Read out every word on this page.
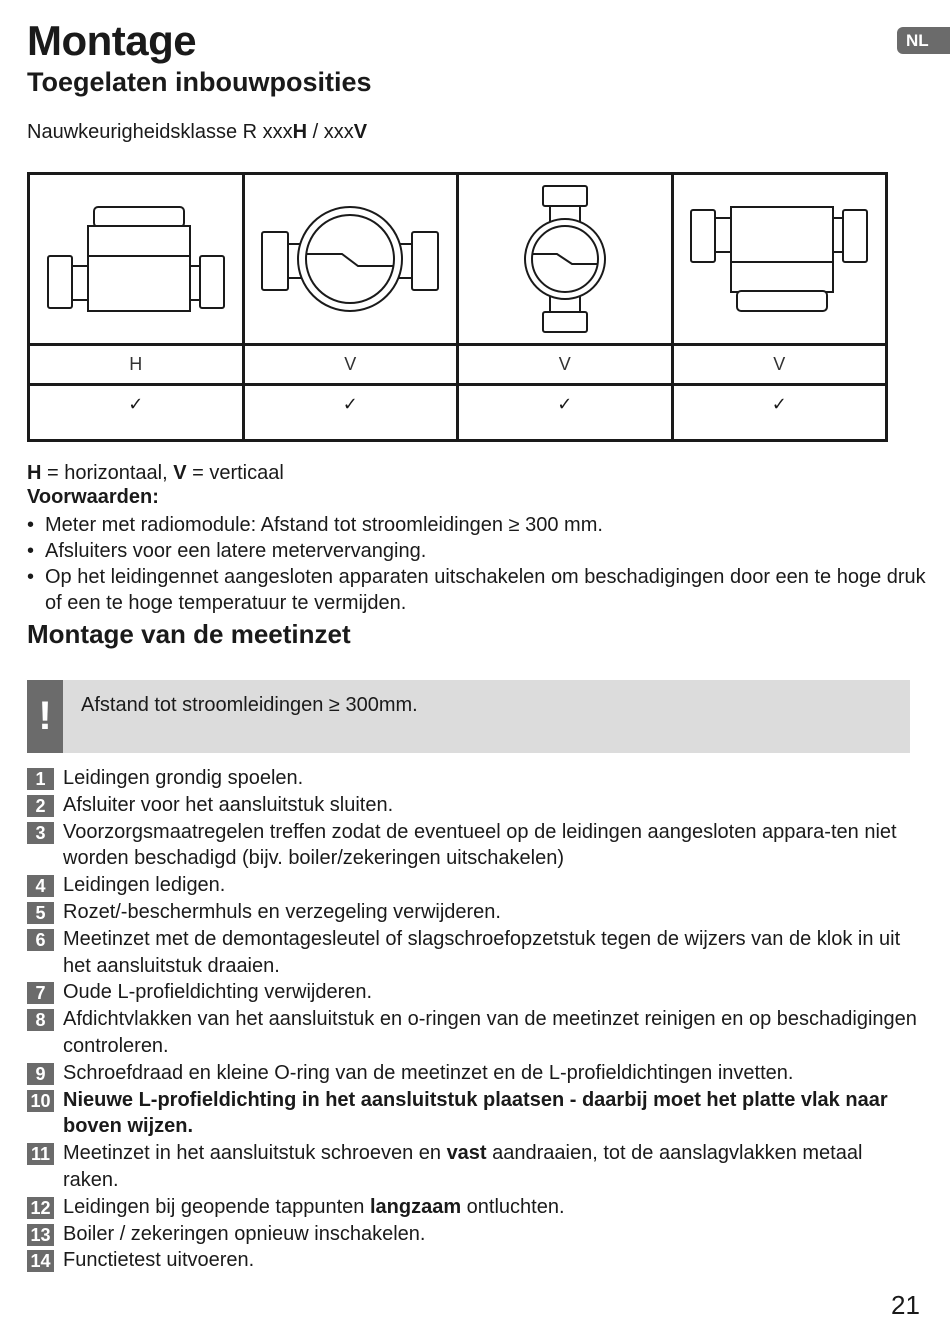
NL
Montage
Toegelaten inbouwposities
Nauwkeurigheidsklasse R xxxH / xxxV

H	V	V	V
✓	✓	✓	✓
H = horizontaal, V = verticaal
Voorwaarden:
• Meter met radiomodule: Afstand tot stroomleidingen ≥ 300 mm.
• Afsluiters voor een latere metervervanging.
• Op het leidingennet aangesloten apparaten uitschakelen om beschadigingen door een te hoge druk of een te hoge temperatuur te vermijden.
Montage van de meetinzet
!	Afstand tot stroomleidingen ≥ 300mm.
1 Leidingen grondig spoelen.
2 Afsluiter voor het aansluitstuk sluiten.
3 Voorzorgsmaatregelen treffen zodat de eventueel op de leidingen aangesloten appara-ten niet worden beschadigd (bijv. boiler/zekeringen uitschakelen)
4 Leidingen ledigen.
5 Rozet/-beschermhuls en verzegeling verwijderen.
6 Meetinzet met de demontagesleutel of slagschroefopzetstuk tegen de wijzers van de klok in uit het aansluitstuk draaien.
7 Oude L-profieldichting verwijderen.
8 Afdichtvlakken van het aansluitstuk en o-ringen van de meetinzet reinigen en op beschadigingen controleren.
9 Schroefdraad en kleine O-ring van de meetinzet en de L-profieldichtingen invetten.
10 Nieuwe L-profieldichting in het aansluitstuk plaatsen - daarbij moet het platte vlak naar boven wijzen.
11 Meetinzet in het aansluitstuk schroeven en vast aandraaien, tot de aanslagvlakken metaal raken.
12 Leidingen bij geopende tappunten langzaam ontluchten.
13 Boiler / zekeringen opnieuw inschakelen.
14 Functietest uitvoeren.
21
